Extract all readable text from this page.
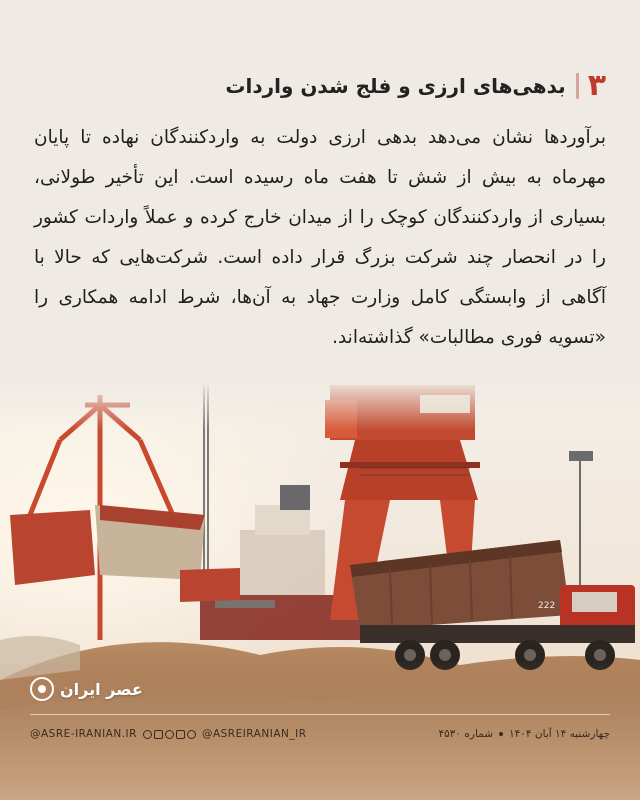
۳
بدهی‌های ارزی و فلج شدن واردات
برآوردها نشان می‌دهد بدهی ارزی دولت به واردکنندگان نهاده تا پایان مهرماه به بیش از شش تا هفت ماه رسیده است. این تأخیر طولانی، بسیاری از واردکنندگان کوچک را از میدان خارج کرده و عملاً واردات کشور را در انحصار چند شرکت بزرگ قرار داده است. شرکت‌هایی که حالا با آگاهی از وابستگی کامل وزارت جهاد به آن‌ها، شرط ادامه همکاری را «تسویه فوری مطالبات» گذاشته‌اند.
عصر ایران
@ASRE-IRANIAN.IR	@ASREIRANIAN_IR	چهارشنبه ۱۴ آبان ۱۴۰۴
شماره ۴۵۳۰
